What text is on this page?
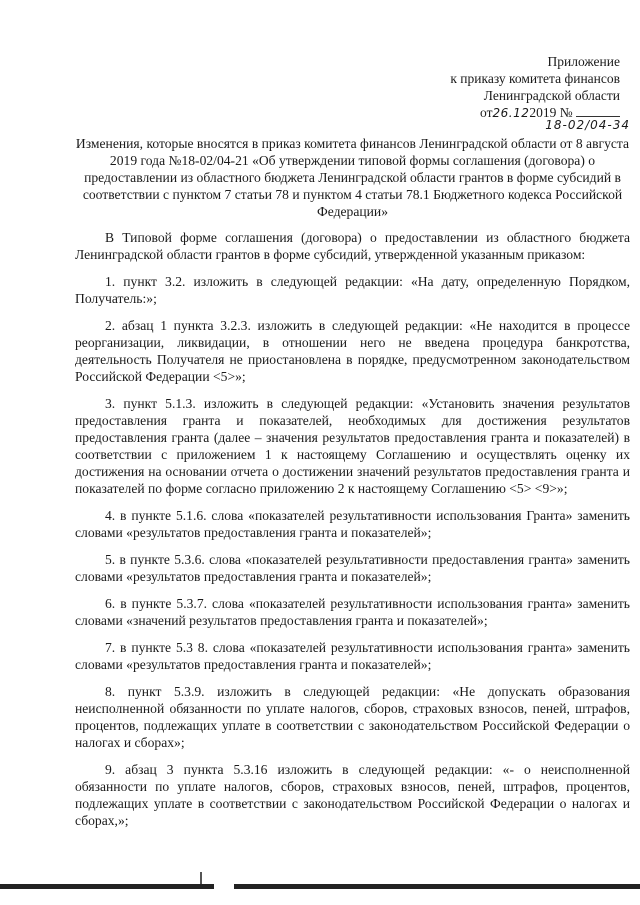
Приложение
к приказу комитета финансов
Ленинградской области
от26.122019 №
18-02/04-34
Изменения, которые вносятся в приказ комитета финансов Ленинградской области от 8 августа 2019 года №18-02/04-21 «Об утверждении типовой формы соглашения (договора) о предоставлении из областного бюджета Ленинградской области грантов в форме субсидий в соответствии с пунктом 7 статьи 78 и пунктом 4 статьи 78.1 Бюджетного кодекса Российской Федерации»

В Типовой форме соглашения (договора) о предоставлении из областного бюджета Ленинградской области грантов в форме субсидий, утвержденной указанным приказом:

1. пункт 3.2. изложить в следующей редакции: «На дату, определенную Порядком, Получатель:»;

2. абзац 1 пункта 3.2.3. изложить в следующей редакции: «Не находится в процессе реорганизации, ликвидации, в отношении него не введена процедура банкротства, деятельность Получателя не приостановлена в порядке, предусмотренном законодательством Российской Федерации <5>»;

3. пункт 5.1.3. изложить в следующей редакции: «Установить значения результатов предоставления гранта и показателей, необходимых для достижения результатов предоставления гранта (далее – значения результатов предоставления гранта и показателей) в соответствии с приложением 1 к настоящему Соглашению и осуществлять оценку их достижения на основании отчета о достижении значений результатов предоставления гранта и показателей по форме согласно приложению 2 к настоящему Соглашению <5> <9>»;

4. в пункте 5.1.6. слова «показателей результативности использования Гранта» заменить словами «результатов предоставления гранта и показателей»;

5. в пункте 5.3.6. слова «показателей результативности предоставления гранта» заменить словами «результатов предоставления гранта и показателей»;

6. в пункте 5.3.7. слова «показателей результативности использования гранта» заменить словами «значений результатов предоставления гранта и показателей»;

7. в пункте 5.3 8. слова «показателей результативности использования гранта» заменить словами «результатов предоставления гранта и показателей»;

8. пункт 5.3.9. изложить в следующей редакции: «Не допускать образования неисполненной обязанности по уплате налогов, сборов, страховых взносов, пеней, штрафов, процентов, подлежащих уплате в соответствии с законодательством Российской Федерации о налогах и сборах»;

9. абзац 3 пункта 5.3.16 изложить в следующей редакции: «- о неисполненной обязанности по уплате налогов, сборов, страховых взносов, пеней, штрафов, процентов, подлежащих уплате в соответствии с законодательством Российской Федерации о налогах и сборах,»;
